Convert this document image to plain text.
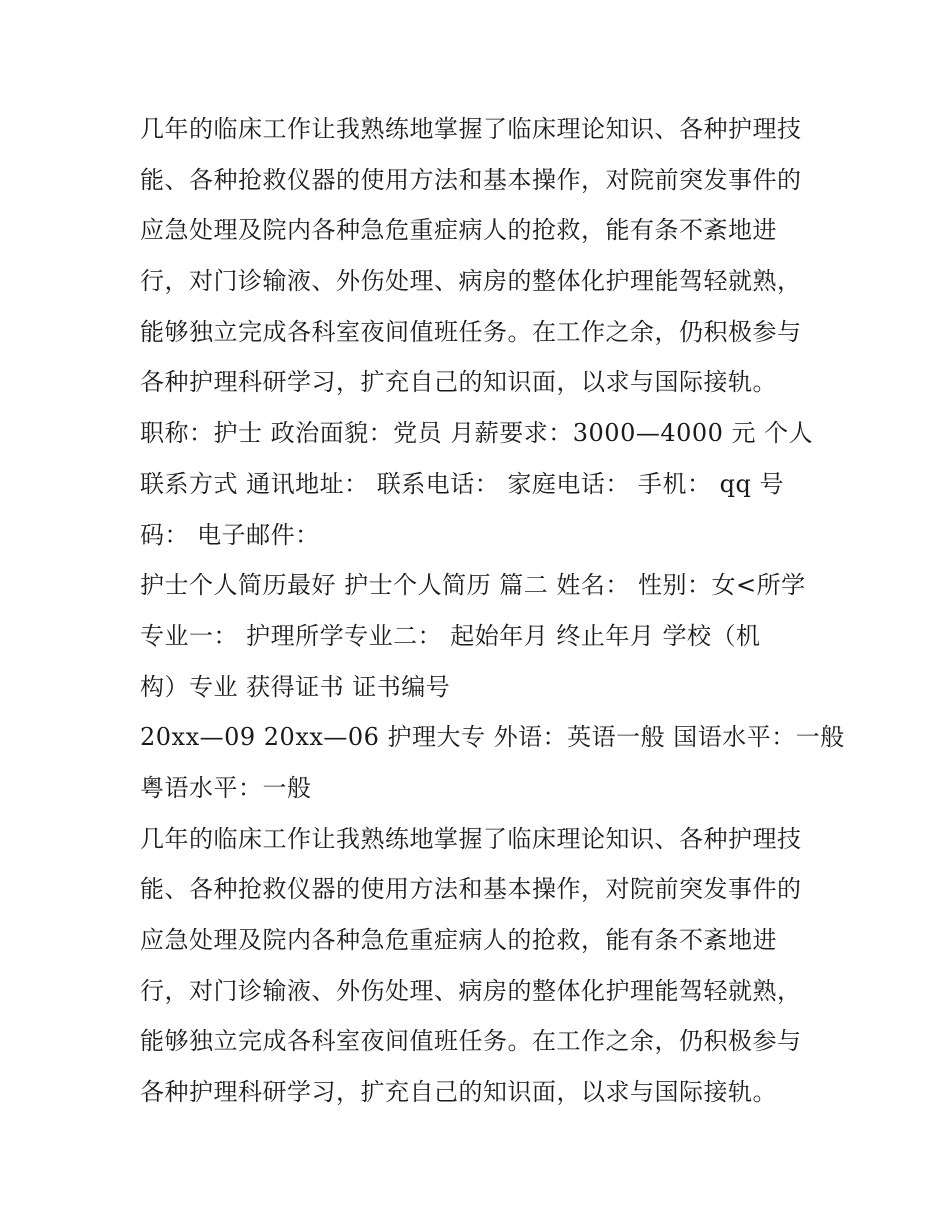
几年的临床工作让我熟练地掌握了临床理论知识、各种护理技
能、各种抢救仪器的使用方法和基本操作，对院前突发事件的
应急处理及院内各种急危重症病人的抢救，能有条不紊地进
行，对门诊输液、外伤处理、病房的整体化护理能驾轻就熟，
能够独立完成各科室夜间值班任务。在工作之余，仍积极参与
各种护理科研学习，扩充自己的知识面，以求与国际接轨。
职称：护士 政治面貌：党员 月薪要求：3000—4000 元 个人
联系方式 通讯地址： 联系电话： 家庭电话： 手机： qq 号
码： 电子邮件：
护士个人简历最好 护士个人简历 篇二 姓名： 性别：女<所学
专业一： 护理所学专业二： 起始年月 终止年月 学校（机
构）专业 获得证书 证书编号
20xx—09 20xx—06 护理大专 外语：英语一般 国语水平：一般
粤语水平：一般
几年的临床工作让我熟练地掌握了临床理论知识、各种护理技
能、各种抢救仪器的使用方法和基本操作，对院前突发事件的
应急处理及院内各种急危重症病人的抢救，能有条不紊地进
行，对门诊输液、外伤处理、病房的整体化护理能驾轻就熟，
能够独立完成各科室夜间值班任务。在工作之余，仍积极参与
各种护理科研学习，扩充自己的知识面，以求与国际接轨。
